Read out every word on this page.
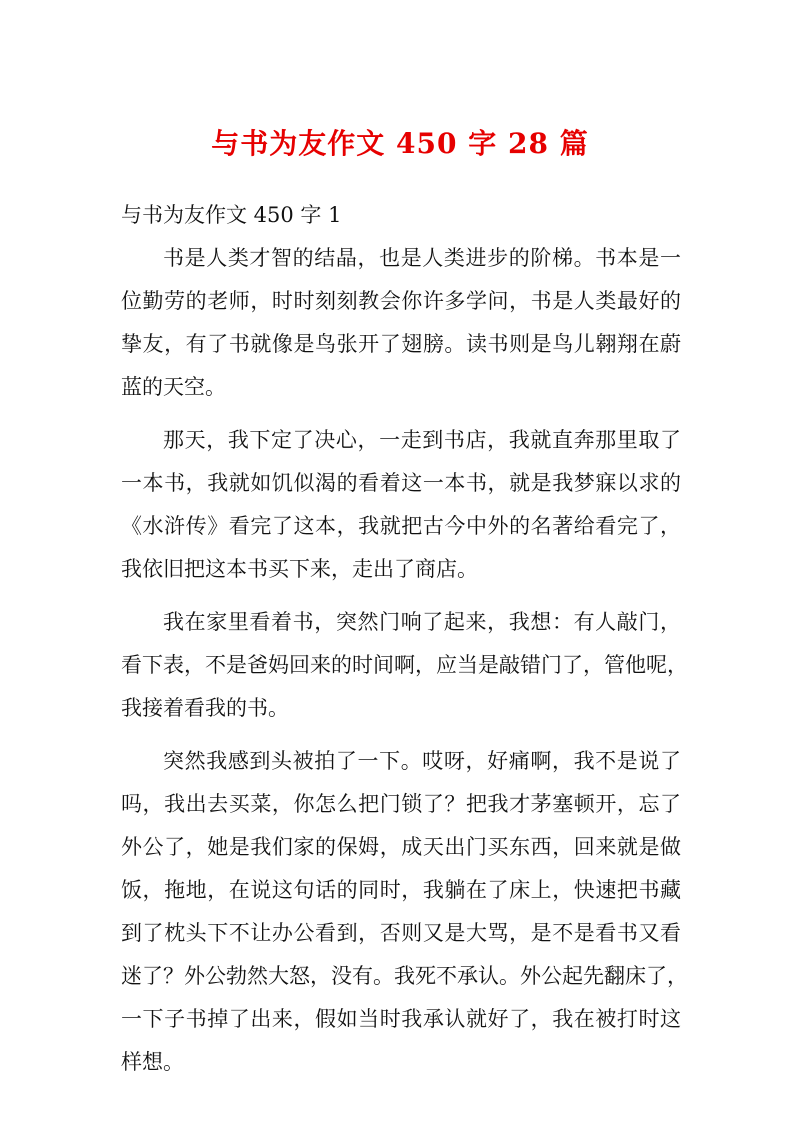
与书为友作文 450 字 28 篇
与书为友作文 450 字 1
书是人类才智的结晶，也是人类进步的阶梯。书本是一
位勤劳的老师，时时刻刻教会你许多学问，书是人类最好的
挚友，有了书就像是鸟张开了翅膀。读书则是鸟儿翱翔在蔚
蓝的天空。
那天，我下定了决心，一走到书店，我就直奔那里取了
一本书，我就如饥似渴的看着这一本书，就是我梦寐以求的
《水浒传》看完了这本，我就把古今中外的名著给看完了，
我依旧把这本书买下来，走出了商店。
我在家里看着书，突然门响了起来，我想：有人敲门，
看下表，不是爸妈回来的时间啊，应当是敲错门了，管他呢，
我接着看我的书。
突然我感到头被拍了一下。哎呀，好痛啊，我不是说了
吗，我出去买菜，你怎么把门锁了？把我才茅塞顿开，忘了
外公了，她是我们家的保姆，成天出门买东西，回来就是做
饭，拖地，在说这句话的同时，我躺在了床上，快速把书藏
到了枕头下不让办公看到，否则又是大骂，是不是看书又看
迷了？外公勃然大怒，没有。我死不承认。外公起先翻床了，
一下子书掉了出来，假如当时我承认就好了，我在被打时这
样想。
